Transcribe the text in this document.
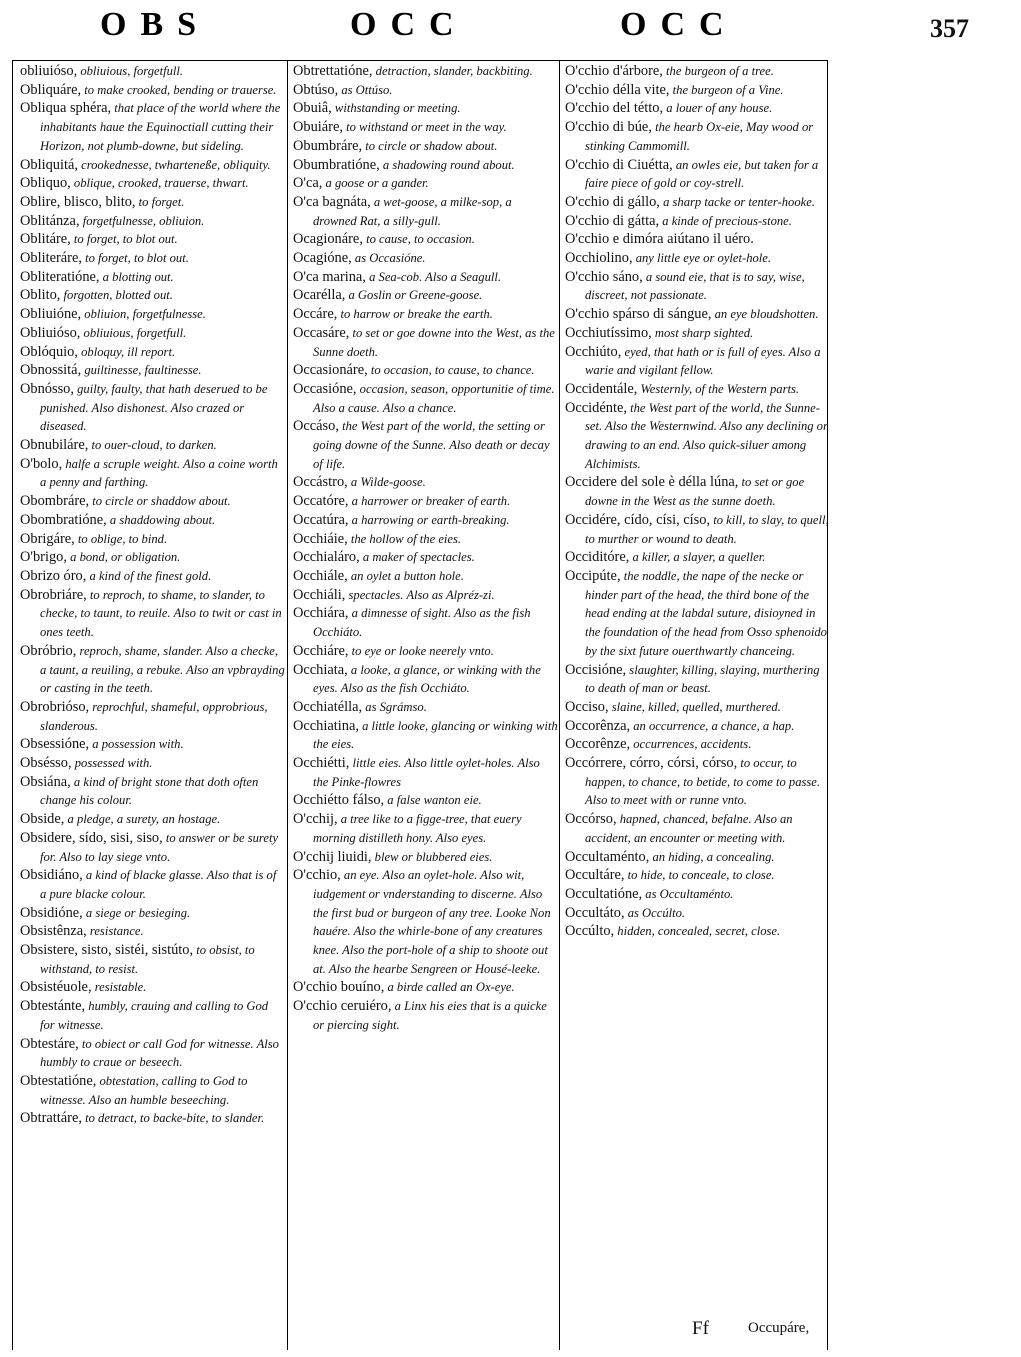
OBS	OCC	OCC	357

obliuióso, obliuious, forgetfull.

Obliquáre, to make crooked, bending or trauerse.

Obliqua sphéra, that place of the world where the inhabitants haue the Equinoctiall cutting their Horizon, not plumb-downe, but sideling.

Obliquitá, crookednesse, twharteneße, obliquity.

Obliquo, oblique, crooked, trauerse, thwart.

Oblire, blisco, blito, to forget.

Oblitánza, forgetfulnesse, obliuion.

Oblitáre, to forget, to blot out.

Obliteráre, to forget, to blot out.

Obliteratióne, a blotting out.

Oblito, forgotten, blotted out.

Obliuióne, obliuion, forgetfulnesse.

Obliuióso, obliuious, forgetfull.

Oblóquio, obloquy, ill report.

Obnossitá, guiltinesse, faultinesse.

Obnósso, guilty, faulty, that hath deserued to be punished. Also dishonest. Also crazed or diseased.

Obnubiláre, to ouer-cloud, to darken.

O'bolo, halfe a scruple weight. Also a coine worth a penny and farthing.

Obombráre, to circle or shaddow about.

Obombratióne, a shaddowing about.

Obrigáre, to oblige, to bind.

O'brigo, a bond, or obligation.

Obrizo óro, a kind of the finest gold.

Obrobriáre, to reproch, to shame, to slander, to checke, to taunt, to reuile. Also to twit or cast in ones teeth.

Obróbrio, reproch, shame, slander. Also a checke, a taunt, a reuiling, a rebuke. Also an vpbrayding or casting in the teeth.

Obrobrióso, reprochful, shameful, opprobrious, slanderous.

Obsessióne, a possession with.

Obsésso, possessed with.

Obsiána, a kind of bright stone that doth often change his colour.

Obside, a pledge, a surety, an hostage.

Obsidere, sído, sisi, siso, to answer or be surety for. Also to lay siege vnto.

Obsidiáno, a kind of blacke glasse. Also that is of a pure blacke colour.

Obsidióne, a siege or besieging.

Obsistênza, resistance.

Obsistere, sisto, sistéi, sistúto, to obsist, to withstand, to resist.

Obsistéuole, resistable.

Obtestánte, humbly, crauing and calling to God for witnesse.

Obtestáre, to obiect or call God for witnesse. Also humbly to craue or beseech.

Obtestatióne, obtestation, calling to God to witnesse. Also an humble beseeching.

Obtrattáre, to detract, to backe-bite, to slander.

Obtrettatióne, detraction, slander, backbiting.

Obtúso, as Ottúso.

Obuiâ, withstanding or meeting.

Obuiáre, to withstand or meet in the way.

Obumbráre, to circle or shadow about.

Obumbratióne, a shadowing round about.

O'ca, a goose or a gander.

O'ca bagnáta, a wet-goose, a milke-sop, a drowned Rat, a silly-gull.

Ocagionáre, to cause, to occasion.

Ocagióne, as Occasióne.

O'ca marina, a Sea-cob. Also a Seagull.

Ocarélla, a Goslin or Greene-goose.

Occáre, to harrow or breake the earth.

Occasáre, to set or goe downe into the West, as the Sunne doeth.

Occasionáre, to occasion, to cause, to chance.

Occasióne, occasion, season, opportunitie of time. Also a cause. Also a chance.

Occáso, the West part of the world, the setting or going downe of the Sunne. Also death or decay of life.

Occástro, a Wilde-goose.

Occatóre, a harrower or breaker of earth.

Occatúra, a harrowing or earth-breaking.

Occhiáie, the hollow of the eies.

Occhialáro, a maker of spectacles.

Occhiále, an oylet a button hole.

Occhiáli, spectacles. Also as Alpréz-zi.

Occhiára, a dimnesse of sight. Also as the fish Occhiáto.

Occhiáre, to eye or looke neerely vnto.

Occhiata, a looke, a glance, or winking with the eyes. Also as the fish Occhiáto.

Occhiatélla, as Sgrámso.

Occhiatina, a little looke, glancing or winking with the eies.

Occhiétti, little eies. Also little oylet-holes. Also the Pinke-flowres

Occhiétto fálso, a false wanton eie.

O'cchij, a tree like to a figge-tree, that euery morning distilleth hony. Also eyes.

O'cchij liuidi, blew or blubbered eies.

O'cchio, an eye. Also an oylet-hole. Also wit, iudgement or vnderstanding to discerne. Also the first bud or burgeon of any tree. Looke Non hauére. Also the whirle-bone of any creatures knee. Also the port-hole of a ship to shoote out at. Also the hearbe Sengreen or Housé-leeke.

O'cchio bouíno, a birde called an Ox-eye.

O'cchio ceruiéro, a Linx his eies that is a quicke or piercing sight.

O'cchio d'árbore, the burgeon of a tree.

O'cchio délla vite, the burgeon of a Vine.

O'cchio del tétto, a louer of any house.

O'cchio di búe, the hearb Ox-eie, May wood or stinking Cammomill.

O'cchio di Ciuétta, an owles eie, but taken for a faire piece of gold or coy-strell.

O'cchio di gállo, a sharp tacke or tenter-hooke.

O'cchio di gátta, a kinde of precious-stone.

O'cchio e dimóra aiútano il uéro.

Occhiolino, any little eye or oylet-hole.

O'cchio sáno, a sound eie, that is to say, wise, discreet, not passionate.

O'cchio spárso di sángue, an eye bloudshotten.

Occhiutíssimo, most sharp sighted.

Occhiúto, eyed, that hath or is full of eyes. Also a warie and vigilant fellow.

Occidentále, Westernly, of the Western parts.

Occidénte, the West part of the world, the Sunne-set. Also the Westernwind. Also any declining or drawing to an end. Also quick-siluer among Alchimists.

Occidere del sole è délla lúna, to set or goe downe in the West as the sunne doeth.

Occidére, cído, císi, císo, to kill, to slay, to quell, to murther or wound to death.

Occiditóre, a killer, a slayer, a queller.

Occipúte, the noddle, the nape of the necke or hinder part of the head, the third bone of the head ending at the labdal suture, disioyned in the foundation of the head from Osso sphenoido by the sixt future ouerthwartly chanceing.

Occisióne, slaughter, killing, slaying, murthering to death of man or beast.

Occiso, slaine, killed, quelled, murthered.

Occorênza, an occurrence, a chance, a hap.

Occorênze, occurrences, accidents.

Occórrere, córro, córsi, córso, to occur, to happen, to chance, to betide, to come to passe. Also to meet with or runne vnto.

Occórso, hapned, chanced, befalne. Also an accident, an encounter or meeting with.

Occultaménto, an hiding, a concealing.

Occultáre, to hide, to conceale, to close.

Occultatióne, as Occultaménto.

Occultáto, as Occúlto.

Occúlto, hidden, concealed, secret, close.

Ff	Occupáre,
